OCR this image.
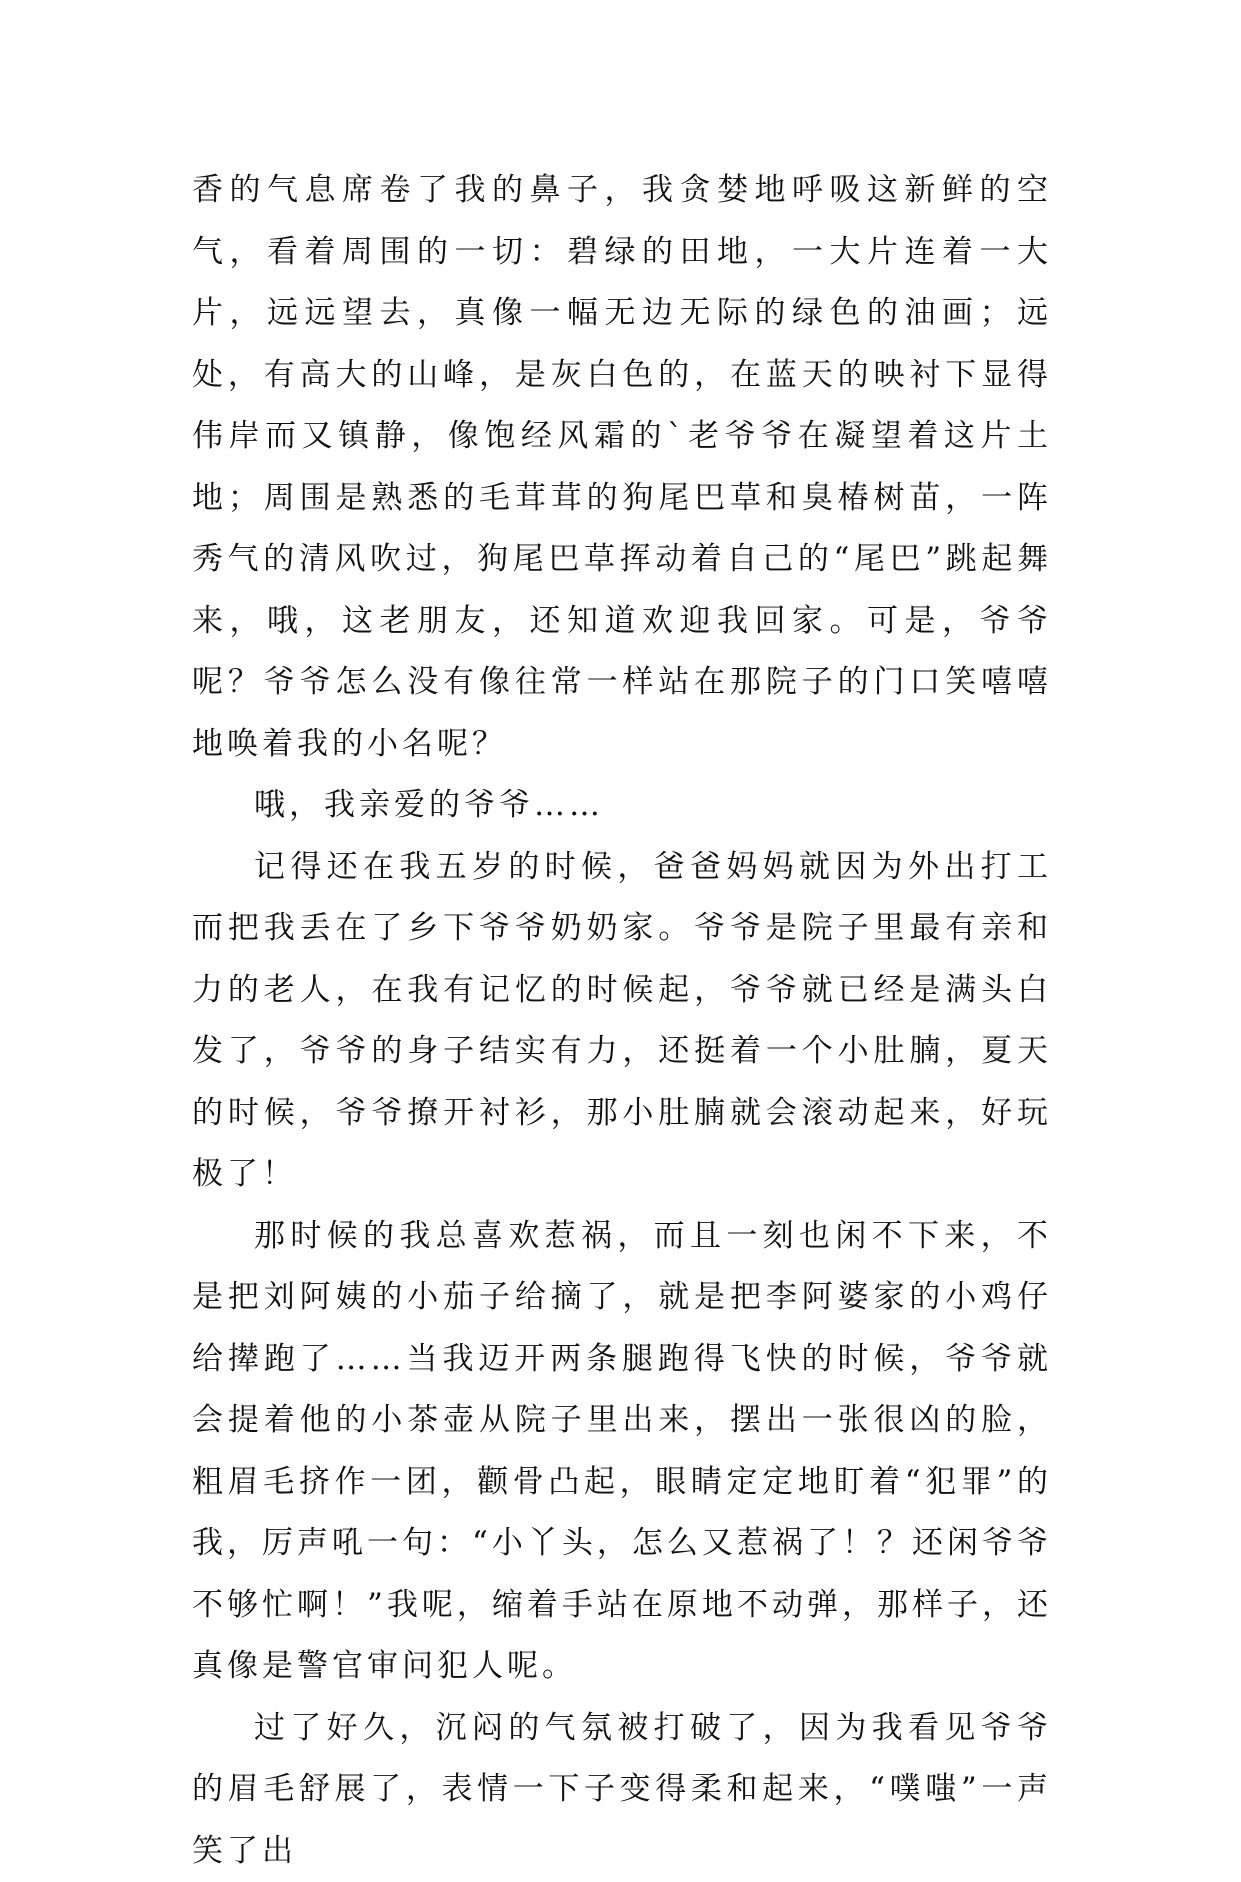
香的气息席卷了我的鼻子，我贪婪地呼吸这新鲜的空气，看着周围的一切：碧绿的田地，一大片连着一大片，远远望去，真像一幅无边无际的绿色的油画；远处，有高大的山峰，是灰白色的，在蓝天的映衬下显得伟岸而又镇静，像饱经风霜的`老爷爷在凝望着这片土地；周围是熟悉的毛茸茸的狗尾巴草和臭椿树苗，一阵秀气的清风吹过，狗尾巴草挥动着自己的“尾巴”跳起舞来，哦，这老朋友，还知道欢迎我回家。可是，爷爷呢？爷爷怎么没有像往常一样站在那院子的门口笑嘻嘻地唤着我的小名呢？

哦，我亲爱的爷爷……

记得还在我五岁的时候，爸爸妈妈就因为外出打工而把我丢在了乡下爷爷奶奶家。爷爷是院子里最有亲和力的老人，在我有记忆的时候起，爷爷就已经是满头白发了，爷爷的身子结实有力，还挺着一个小肚腩，夏天的时候，爷爷撩开衬衫，那小肚腩就会滚动起来，好玩极了！

那时候的我总喜欢惹祸，而且一刻也闲不下来，不是把刘阿姨的小茄子给摘了，就是把李阿婆家的小鸡仔给撵跑了……当我迈开两条腿跑得飞快的时候，爷爷就会提着他的小茶壶从院子里出来，摆出一张很凶的脸，粗眉毛挤作一团，颧骨凸起，眼睛定定地盯着“犯罪”的我，厉声吼一句：“小丫头，怎么又惹祸了！？还闲爷爷不够忙啊！”我呢，缩着手站在原地不动弹，那样子，还真像是警官审问犯人呢。

过了好久，沉闷的气氛被打破了，因为我看见爷爷的眉毛舒展了，表情一下子变得柔和起来，“噗嗤”一声笑了出
